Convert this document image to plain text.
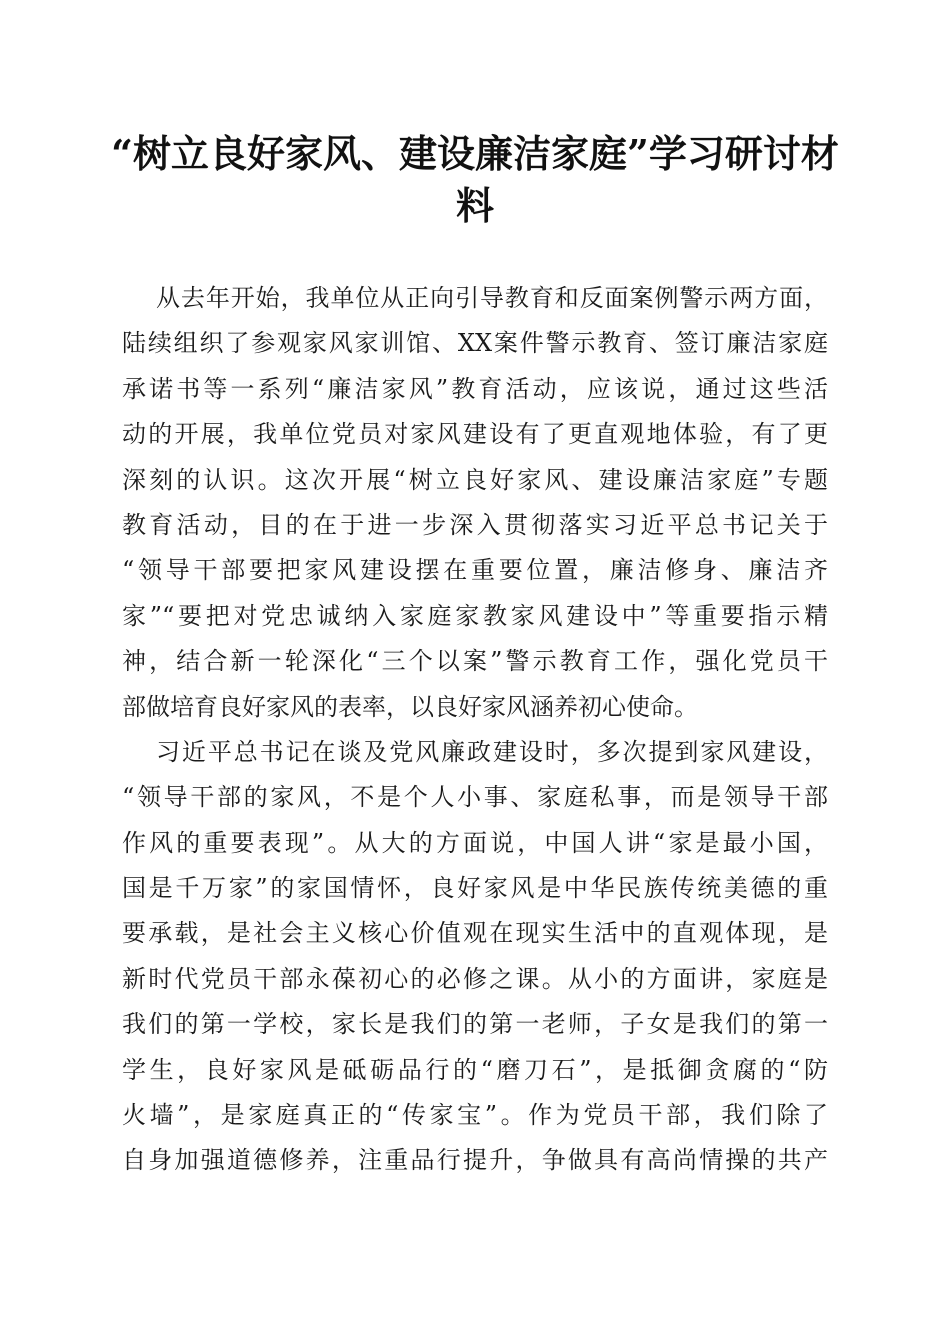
“树立良好家风、建设廉洁家庭”学习研讨材
料
从去年开始，我单位从正向引导教育和反面案例警示两方面，
陆续组织了参观家风家训馆、XX案件警示教育、签订廉洁家庭
承诺书等一系列“廉洁家风”教育活动，应该说，通过这些活
动的开展，我单位党员对家风建设有了更直观地体验，有了更
深刻的认识。这次开展“树立良好家风、建设廉洁家庭”专题
教育活动，目的在于进一步深入贯彻落实习近平总书记关于
“领导干部要把家风建设摆在重要位置，廉洁修身、廉洁齐
家”“要把对党忠诚纳入家庭家教家风建设中”等重要指示精
神，结合新一轮深化“三个以案”警示教育工作，强化党员干
部做培育良好家风的表率，以良好家风涵养初心使命。
习近平总书记在谈及党风廉政建设时，多次提到家风建设，
“领导干部的家风，不是个人小事、家庭私事，而是领导干部
作风的重要表现”。从大的方面说，中国人讲“家是最小国，
国是千万家”的家国情怀，良好家风是中华民族传统美德的重
要承载，是社会主义核心价值观在现实生活中的直观体现，是
新时代党员干部永葆初心的必修之课。从小的方面讲，家庭是
我们的第一学校，家长是我们的第一老师，子女是我们的第一
学生，良好家风是砥砺品行的“磨刀石”，是抵御贪腐的“防
火墙”，是家庭真正的“传家宝”。作为党员干部，我们除了
自身加强道德修养，注重品行提升，争做具有高尚情操的共产
